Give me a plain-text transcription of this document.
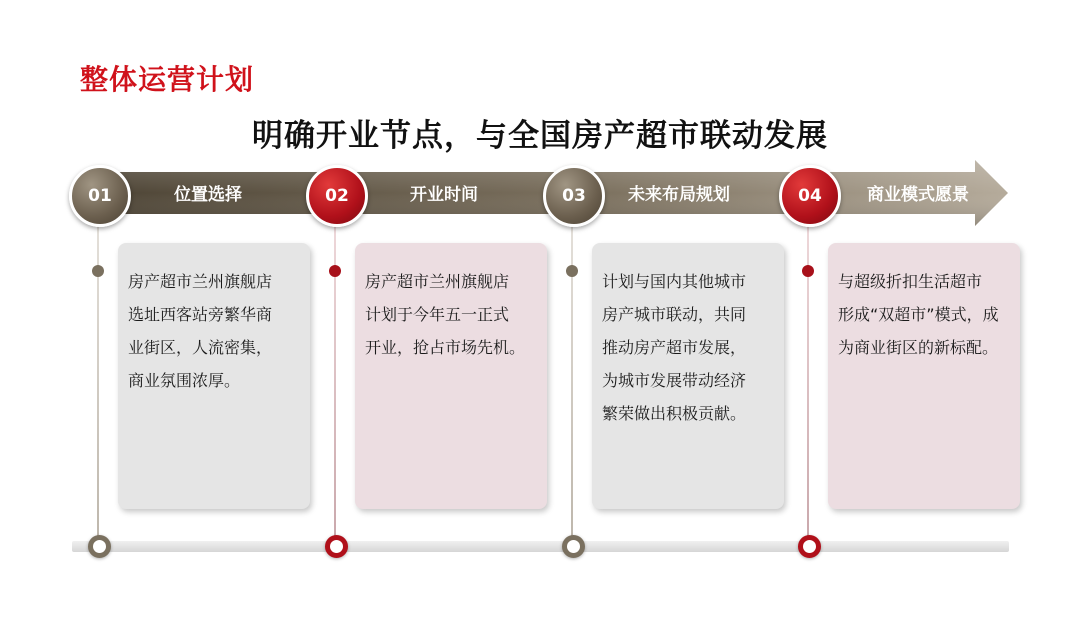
整体运营计划
明确开业节点，与全国房产超市联动发展
01	位置选择

房产超市兰州旗舰店
选址西客站旁繁华商
业街区，人流密集，
商业氛围浓厚。

02	开业时间

房产超市兰州旗舰店
计划于今年五一正式
开业，抢占市场先机。

03	未来布局规划

计划与国内其他城市
房产城市联动，共同
推动房产超市发展，
为城市发展带动经济
繁荣做出积极贡献。

04	商业模式愿景

与超级折扣生活超市
形成“双超市”模式，成
为商业街区的新标配。
